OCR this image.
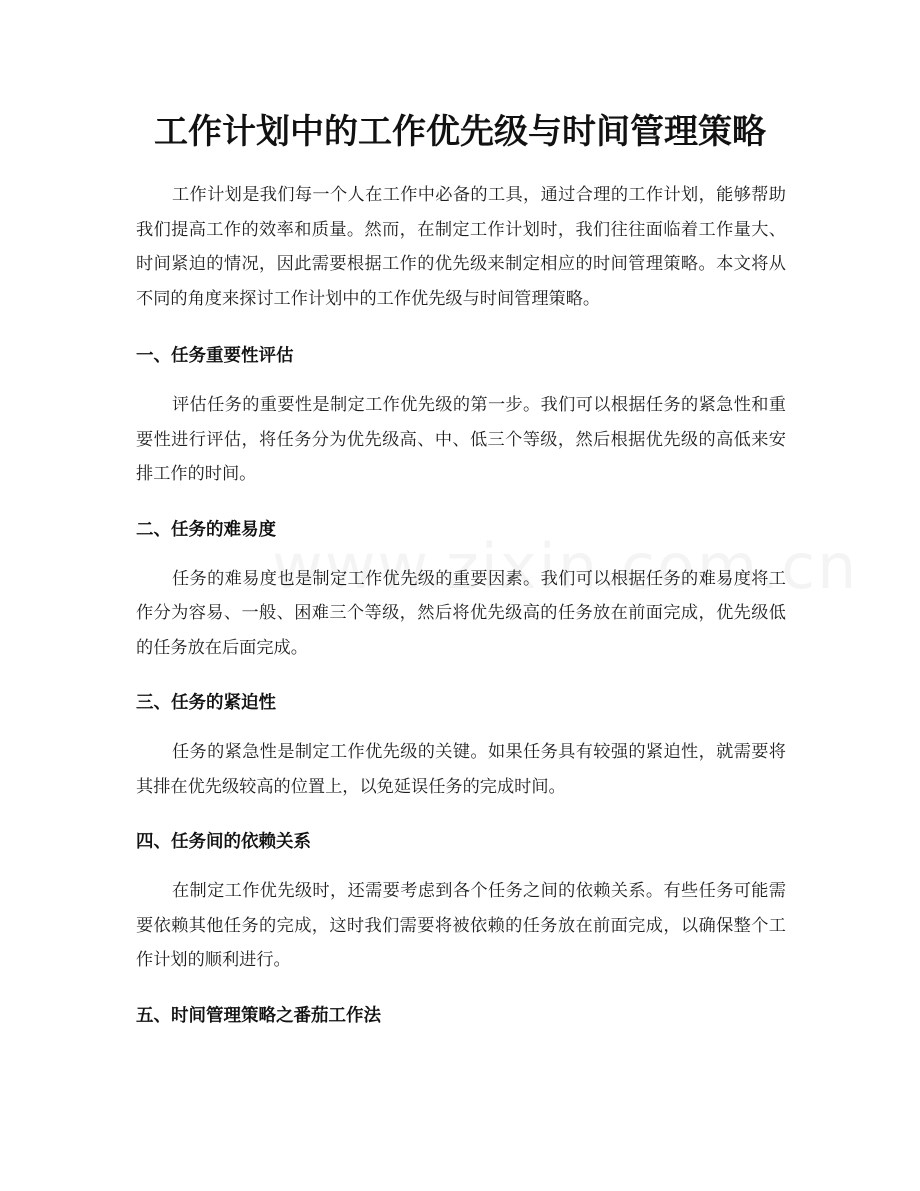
工作计划中的工作优先级与时间管理策略

工作计划是我们每一个人在工作中必备的工具，通过合理的工作计划，能够帮助我们提高工作的效率和质量。然而，在制定工作计划时，我们往往面临着工作量大、时间紧迫的情况，因此需要根据工作的优先级来制定相应的时间管理策略。本文将从不同的角度来探讨工作计划中的工作优先级与时间管理策略。

一、任务重要性评估

评估任务的重要性是制定工作优先级的第一步。我们可以根据任务的紧急性和重要性进行评估，将任务分为优先级高、中、低三个等级，然后根据优先级的高低来安排工作的时间。

二、任务的难易度

任务的难易度也是制定工作优先级的重要因素。我们可以根据任务的难易度将工作分为容易、一般、困难三个等级，然后将优先级高的任务放在前面完成，优先级低的任务放在后面完成。

三、任务的紧迫性

任务的紧急性是制定工作优先级的关键。如果任务具有较强的紧迫性，就需要将其排在优先级较高的位置上，以免延误任务的完成时间。

四、任务间的依赖关系

在制定工作优先级时，还需要考虑到各个任务之间的依赖关系。有些任务可能需要依赖其他任务的完成，这时我们需要将被依赖的任务放在前面完成，以确保整个工作计划的顺利进行。

五、时间管理策略之番茄工作法
